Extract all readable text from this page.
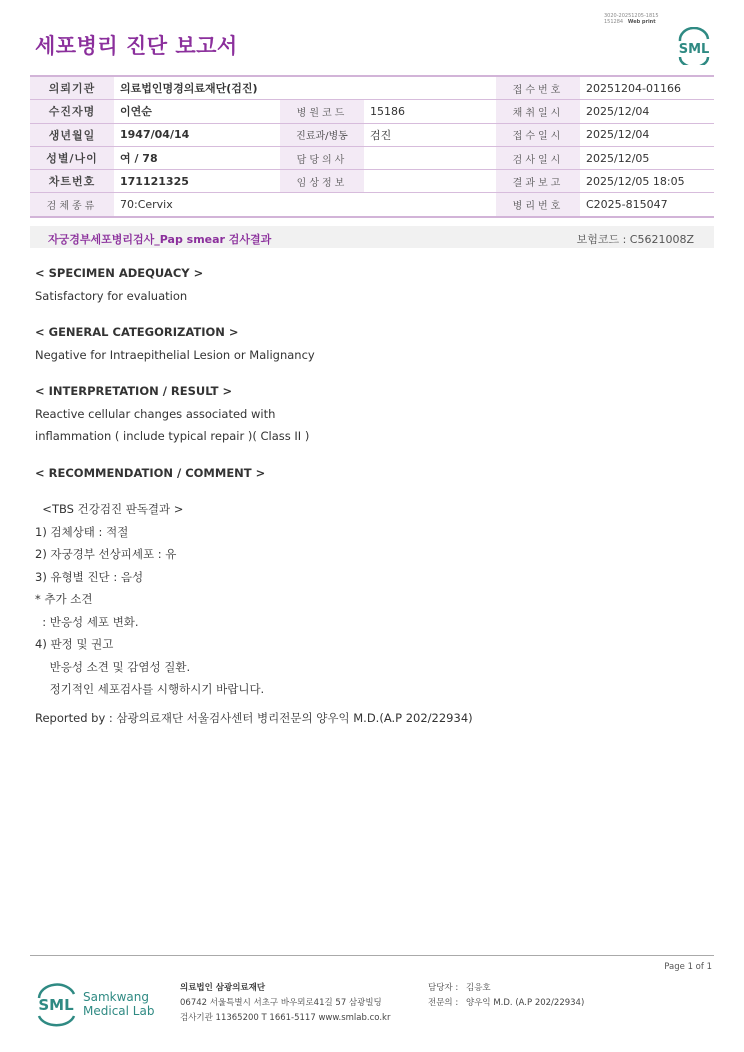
3020-20251205-1815
151284 Web print
세포병리 진단 보고서	SML
의뢰기관	의료법인명경의료재단(검진)			접수번호	20251204-01166
수진자명	이연순	병원코드	15186	채취일시	2025/12/04
생년월일	1947/04/14	진료과/병동	검진	접수일시	2025/12/04
성별/나이	여 / 78	담당의사		검사일시	2025/12/05
차트번호	171121325	임상정보		결과보고	2025/12/05 18:05
검체종류	70:Cervix			병리번호	C2025-815047
자궁경부세포병리검사_Pap smear 검사결과	보험코드 : C5621008Z
< SPECIMEN ADEQUACY >
Satisfactory for evaluation
< GENERAL CATEGORIZATION >
Negative for Intraepithelial Lesion or Malignancy
< INTERPRETATION / RESULT >
Reactive cellular changes associated with
inflammation ( include typical repair )( Class II )
< RECOMMENDATION / COMMENT >
<TBS 건강검진 판독결과 >
1) 검체상태 : 적절
2) 자궁경부 선상피세포 : 유
3) 유형별 진단 : 음성
* 추가 소견
: 반응성 세포 변화.
4) 판정 및 권고
반응성 소견 및 감염성 질환.
정기적인 세포검사를 시행하시기 바랍니다.
Reported by : 삼광의료재단 서울검사센터 병리전문의 양우익 M.D.(A.P 202/22934)
Page 1 of 1
SML Samkwang
Medical Lab
의료법인 삼광의료재단
06742 서울특별시 서초구 바우뫼로41길 57 삼광빌딩
검사기관 11365200 T 1661-5117 www.smlab.co.kr
담당자 : 김응호
전문의 : 양우익 M.D. (A.P 202/22934)
